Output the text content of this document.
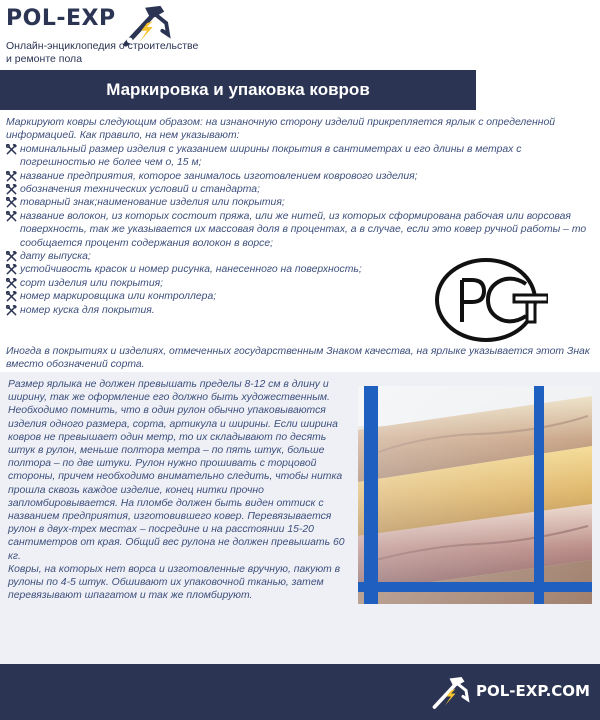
POL-EXP
Онлайн-энциклопедия о строительстве и ремонте пола
Маркировка и упаковка ковров

Маркируют ковры следующим образом: на изнаночную сторону изделий прикрепляется ярлык с определенной информацией. Как правило, на нем указывают:

номинальный размер изделия с указанием ширины покрытия в сантиметрах и его длины в метрах с погрешностью не более чем о, 15 м;
название предприятия, которое занималось изготовлением коврового изделия;
обозначения технических условий и стандарта;
товарный знак;наименование изделия или покрытия;
название волокон, из которых состоит пряжа, или же нитей, из которых сформирована рабочая или ворсовая поверхность, так же указывается их массовая доля в процентах, а в случае, если это ковер ручной работы – то сообщается процент содержания волокон в ворсе;
дату выпуска;
устойчивость красок и номер рисунка, нанесенного на поверхность;
сорт изделия или покрытия;
номер маркировщика или контроллера;
номер куска для покрытия.

Иногда в покрытиях и изделиях, отмеченных государственным Знаком качества, на ярлыке указывается этот Знак вместо обозначений сорта.

Размер ярлыка не должен превышать пределы 8-12 см в длину и ширину, так же оформление его должно быть художественным.

Необходимо помнить, что в один рулон обычно упаковываются изделия одного размера, сорта, артикула и ширины. Если ширина ковров не превышает один метр, то их складывают по десять штук в рулон, меньше полтора метра – по пять штук, больше полтора – по две штуки. Рулон нужно прошивать с торцовой стороны, причем необходимо внимательно следить, чтобы нитка прошла сквозь каждое изделие, конец нитки прочно запломбировывается. На пломбе должен быть виден оттиск с названием предприятия, изготовившего ковер. Перевязывается рулон в двух-трех местах – посредине и на расстоянии 15-20 сантиметров от края. Общий вес рулона не должен превышать 60 кг.

Ковры, на которых нет ворса и изготовленные вручную, пакуют в рулоны по 4-5 штук. Обшивают их упаковочной тканью, затем перевязывают шпагатом и так же пломбируют.

POL-EXP.COM
